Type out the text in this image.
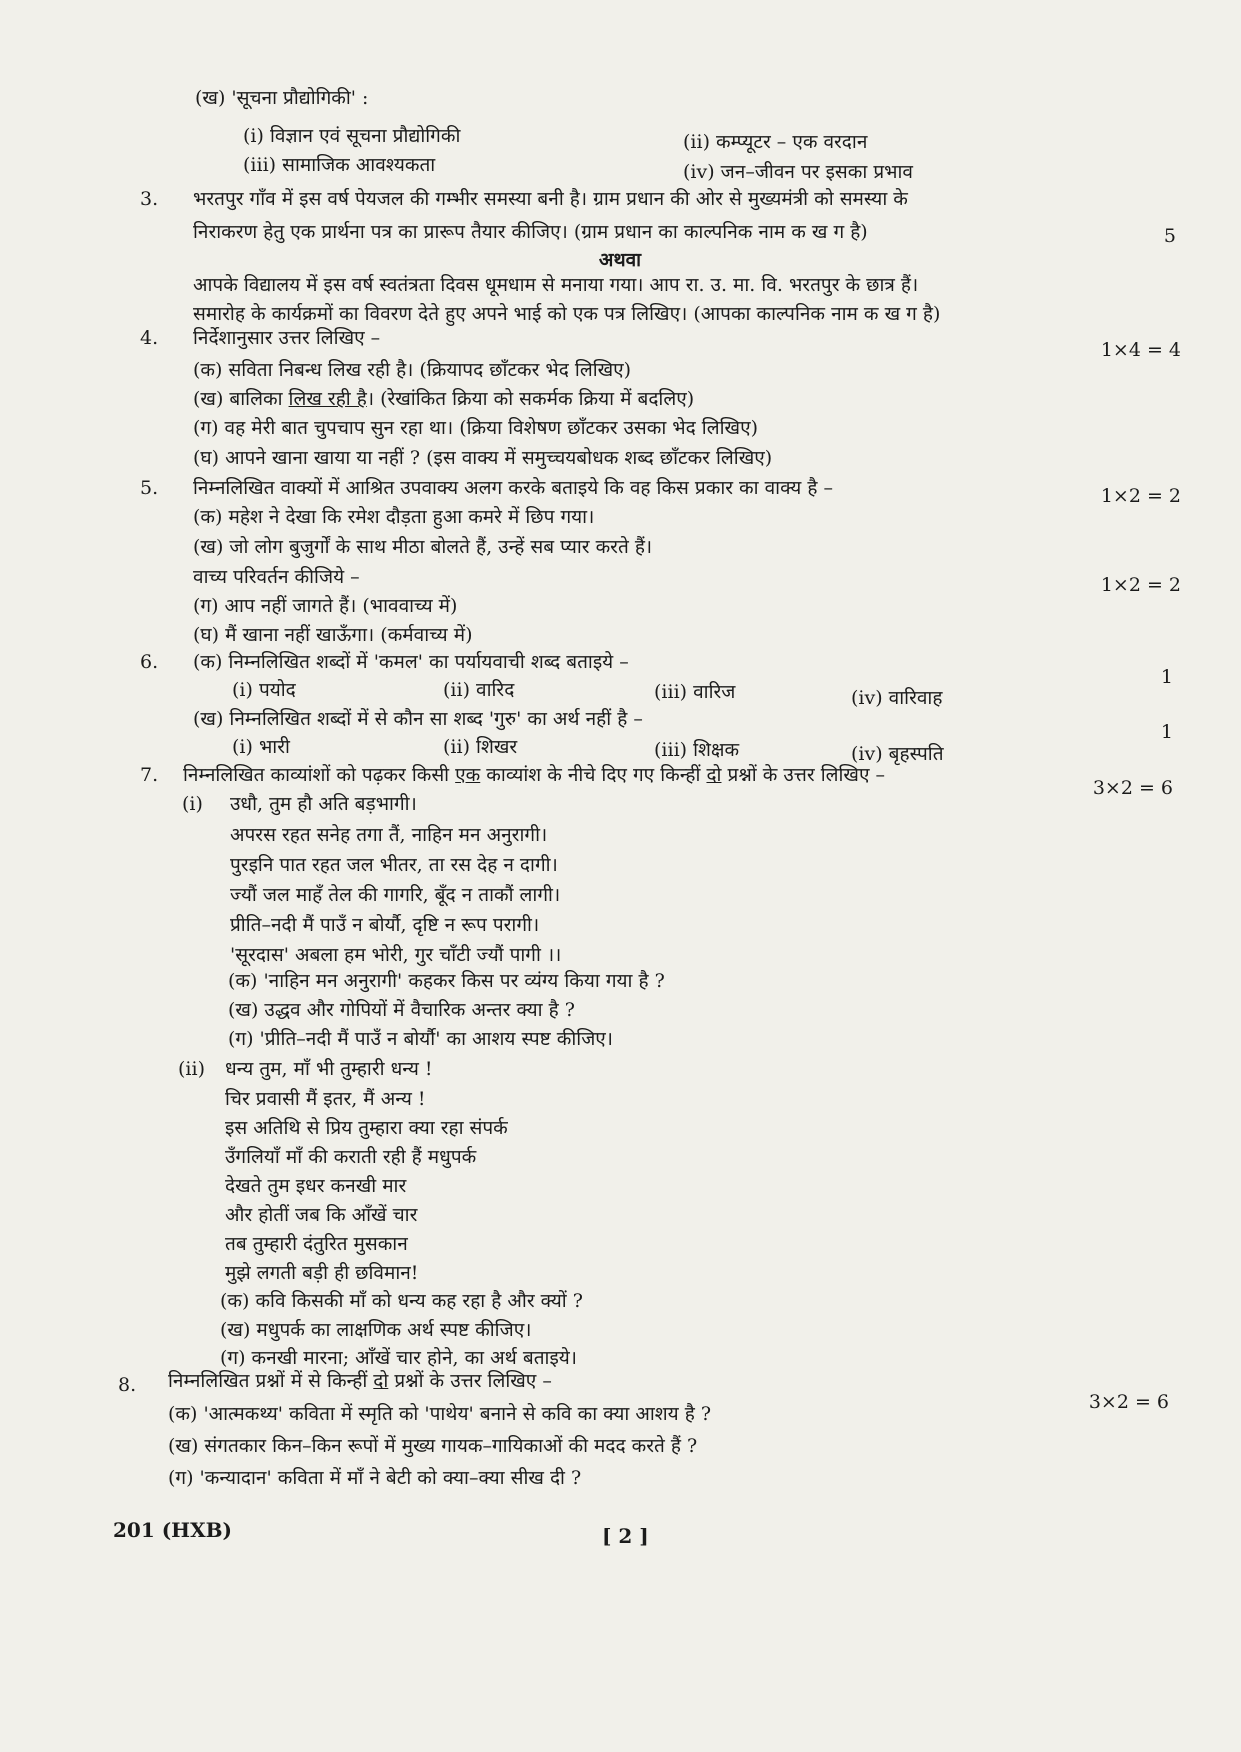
(ख) 'सूचना प्रौद्योगिकी' :
(i) विज्ञान एवं सूचना प्रौद्योगिकी	(ii) कम्प्यूटर – एक वरदान
(iii) सामाजिक आवश्यकता	(iv) जन–जीवन पर इसका प्रभाव
3. भरतपुर गाँव में इस वर्ष पेयजल की गम्भीर समस्या बनी है। ग्राम प्रधान की ओर से मुख्यमंत्री को समस्या के
निराकरण हेतु एक प्रार्थना पत्र का प्रारूप तैयार कीजिए। (ग्राम प्रधान का काल्पनिक नाम क ख ग है)	5
अथवा
आपके विद्यालय में इस वर्ष स्वतंत्रता दिवस धूमधाम से मनाया गया। आप रा. उ. मा. वि. भरतपुर के छात्र हैं।
समारोह के कार्यक्रमों का विवरण देते हुए अपने भाई को एक पत्र लिखिए। (आपका काल्पनिक नाम क ख ग है)
4. निर्देशानुसार उत्तर लिखिए –
1×4 = 4
(क) सविता निबन्ध लिख रही है। (क्रियापद छाँटकर भेद लिखिए)
(ख) बालिका लिख रही है। (रेखांकित क्रिया को सकर्मक क्रिया में बदलिए)
(ग) वह मेरी बात चुपचाप सुन रहा था। (क्रिया विशेषण छाँटकर उसका भेद लिखिए)
(घ) आपने खाना खाया या नहीं ? (इस वाक्य में समुच्चयबोधक शब्द छाँटकर लिखिए)
5. निम्नलिखित वाक्यों में आश्रित उपवाक्य अलग करके बताइये कि वह किस प्रकार का वाक्य है –	1×2 = 2
(क) महेश ने देखा कि रमेश दौड़ता हुआ कमरे में छिप गया।
(ख) जो लोग बुजुर्गों के साथ मीठा बोलते हैं, उन्हें सब प्यार करते हैं।
वाच्य परिवर्तन कीजिये –	1×2 = 2
(ग) आप नहीं जागते हैं। (भाववाच्य में)
(घ) मैं खाना नहीं खाऊँगा। (कर्मवाच्य में)
6. (क) निम्नलिखित शब्दों में 'कमल' का पर्यायवाची शब्द बताइये –
1
(i) पयोद	(ii) वारिद	(iii) वारिज	(iv) वारिवाह
(ख) निम्नलिखित शब्दों में से कौन सा शब्द 'गुरु' का अर्थ नहीं है –
1
(i) भारी	(ii) शिखर	(iii) शिक्षक	(iv) बृहस्पति
7. निम्नलिखित काव्यांशों को पढ़कर किसी एक काव्यांश के नीचे दिए गए किन्हीं दो प्रश्नों के उत्तर लिखिए –
3×2 = 6
(i) उधौ, तुम हौ अति बड़भागी।
अपरस रहत सनेह तगा तैं, नाहिन मन अनुरागी।
पुरइनि पात रहत जल भीतर, ता रस देह न दागी।
ज्यौं जल माहँ तेल की गागरि, बूँद न ताकौं लागी।
प्रीति–नदी मैं पाउँ न बोर्यौ, दृष्टि न रूप परागी।
'सूरदास' अबला हम भोरी, गुर चाँटी ज्यौं पागी ।।
(क) 'नाहिन मन अनुरागी' कहकर किस पर व्यंग्य किया गया है ?
(ख) उद्धव और गोपियों में वैचारिक अन्तर क्या है ?
(ग) 'प्रीति–नदी मैं पाउँ न बोर्यौ' का आशय स्पष्ट कीजिए।
(ii) धन्य तुम, माँ भी तुम्हारी धन्य !
चिर प्रवासी मैं इतर, मैं अन्य !
इस अतिथि से प्रिय तुम्हारा क्या रहा संपर्क
उँगलियाँ माँ की कराती रही हैं मधुपर्क
देखते तुम इधर कनखी मार
और होतीं जब कि आँखें चार
तब तुम्हारी दंतुरित मुसकान
मुझे लगती बड़ी ही छविमान!
(क) कवि किसकी माँ को धन्य कह रहा है और क्यों ?
(ख) मधुपर्क का लाक्षणिक अर्थ स्पष्ट कीजिए।
(ग) कनखी मारना; आँखें चार होने, का अर्थ बताइये।
8. निम्नलिखित प्रश्नों में से किन्हीं दो प्रश्नों के उत्तर लिखिए –
3×2 = 6
(क) 'आत्मकथ्य' कविता में स्मृति को 'पाथेय' बनाने से कवि का क्या आशय है ?
(ख) संगतकार किन–किन रूपों में मुख्य गायक–गायिकाओं की मदद करते हैं ?
(ग) 'कन्यादान' कविता में माँ ने बेटी को क्या–क्या सीख दी ?
201 (HXB)	[ 2 ]
